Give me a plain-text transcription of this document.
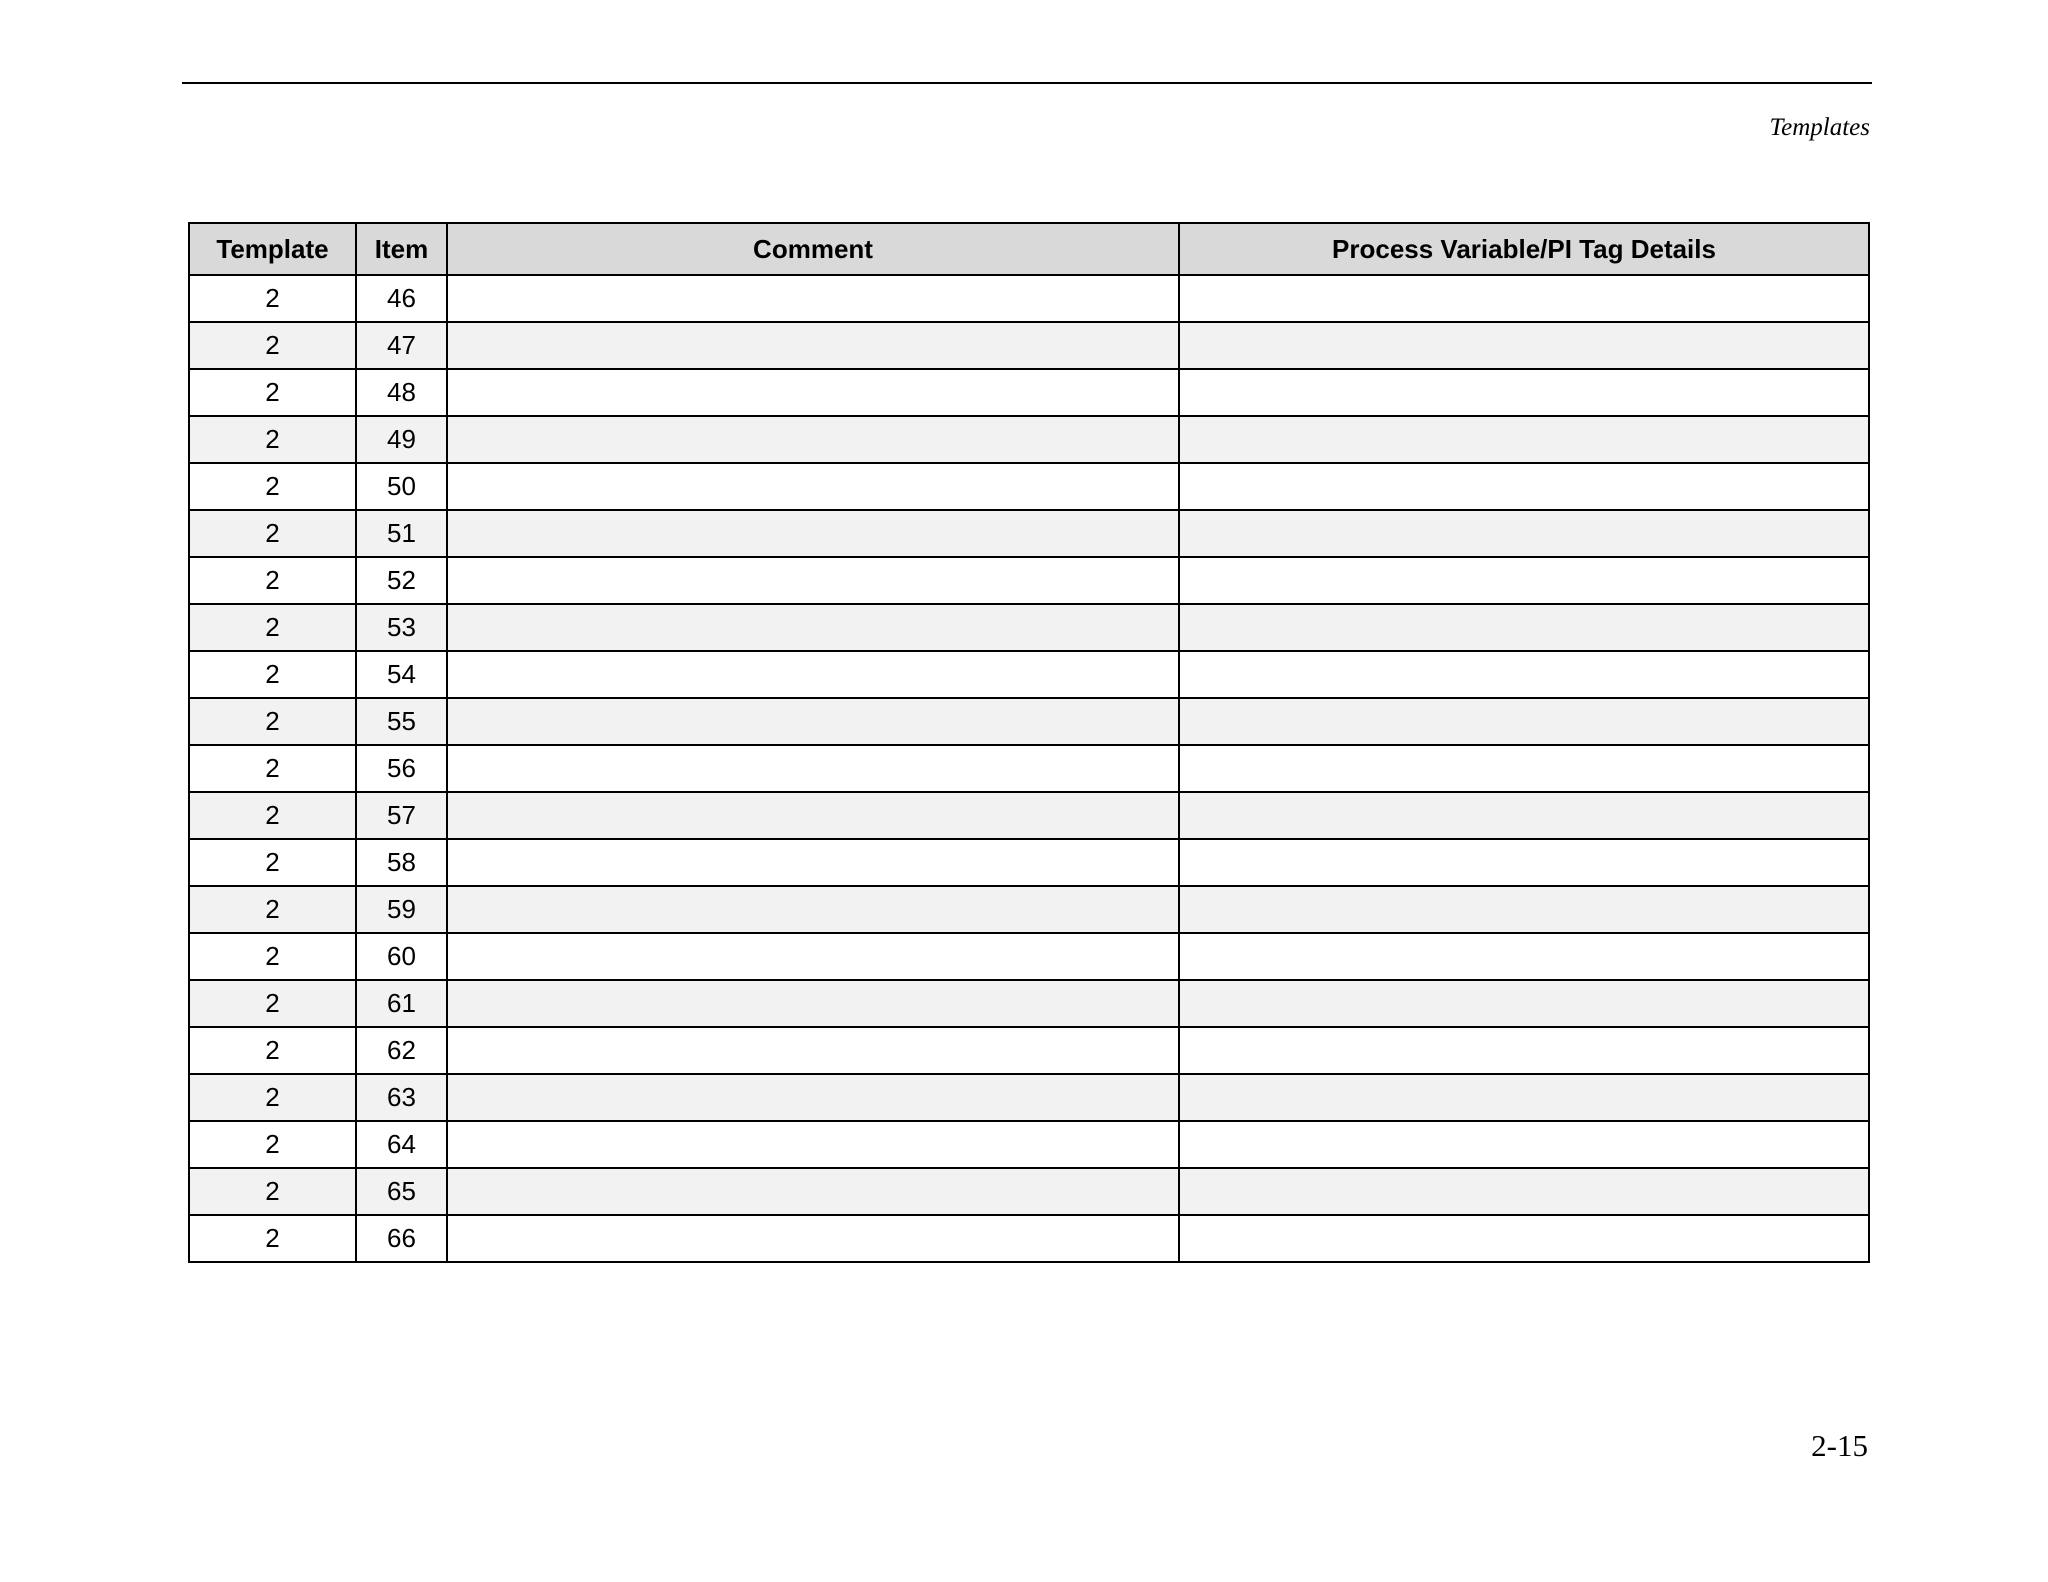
Templates
Template	Item	Comment	Process Variable/PI Tag Details
2	46		
2	47		
2	48		
2	49		
2	50		
2	51		
2	52		
2	53		
2	54		
2	55		
2	56		
2	57		
2	58		
2	59		
2	60		
2	61		
2	62		
2	63		
2	64		
2	65		
2	66		
2-15
